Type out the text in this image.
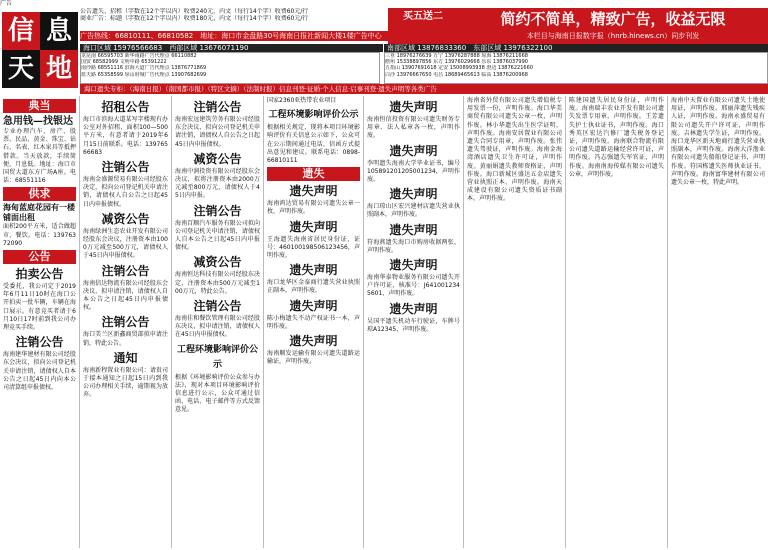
广告
信 息
天 地
公告遗失、招租（字数在12个字以内）收费240元，内文（每行14个字）收费60元/行
商业广告：标题（字数在12个字以内）收费180元，内文（每行14个字）收费60元/行
广告热线：66810111、66810582　地址：海口市金盘路30号海南日报社新闻大楼1楼广告中心
买五送二	简约不简单，精致广告，收益无限
本栏目与海南日报数字报（hnrb.hinews.cn）同步刊发
海口区域 15976566683　西部区域 13676071190	南部区域 13876833360　东部区域 13976322100
龙昆南 66595703 新华南路广告代理点 66110882
国贸 68582999 文明中路 65391222
南沙路 68551116 滨海大道广告代理点 13876771869
蓝天路 65358599 琼山府城广告代理点 13907682699
三亚 18976276639 万宁 13976287888 琼海 13876211668
儋州 15338897856 东方 13976029668 乐东 13876037990
五指山 13907691618 定安 15008993938 澄迈 13876221660
白沙 13976667650 屯昌 18689465613 临高 13876200968
海口遗失专柜：（海南日报）（南国都市报）（特区文摘）（法制时报）信息刊登·征婚·个人信息·启事刊登·遗失声明等各类广告
典当
急用钱—找银达
专业办理汽车、房产、股票、民品、黄金、珠宝、钻石、名表、红木家具等抵押借款。当天放款，手续简便，月息低。地址：海口市国贸大道东方广场A座。电话：68551116
供求
海甸蓝庭花园有一楼铺面出租
面积200平方米，适合做超市、餐饮。电话：13976372090
公告
拍卖公告
受委托，我公司定于2019年6月11日10时在海口公开拍卖一批车辆，车辆在海口展示。有意竞买者请于6月10日17时前到我公司办理竞买手续。
注销公告
海南建华建材有限公司经股东会决议，拟向公司登记机关申请注销，请债权人自本公告之日起45日内向本公司清算组申报债权。
招租公告
海口市滨海大道某写字楼现有办公室对外招租，面积100—500平方米，有意者请于2019年6月15日前联系。电话：13976566683
注销公告
海南金盛源贸易有限公司经股东决定，拟向公司登记机关申请注销，请债权人自公告之日起45日内申报债权。
减资公告
海南绿洲生态农业开发有限公司经股东会决议，注册资本由1000万元减至500万元，请债权人于45日内申报债权。
注销公告
海南信达物流有限公司经股东会决议，拟申请注销，请债权人自本公告之日起45日内申报债权。
注销公告
海口美兰区新鑫商贸部拟申请注销，特此公告。
通知
海南新程置业有限公司：请贵司于接本通知之日起15日内到我公司办理相关手续，逾期视为放弃。
注销公告
海南宏远建筑劳务有限公司经股东会决议，拟向公司登记机关申请注销，请债权人自公告之日起45日内申报债权。
减资公告
海南中润投资有限公司经股东会决议，拟将注册资本由2000万元减至800万元，请债权人于45日内申报。
注销公告
海南百顺汽车服务有限公司拟向公司登记机关申请注销，请债权人自本公告之日起45日内申报债权。
减资公告
海南恒达科技有限公司经股东决定，注册资本由500万元减至100万元，特此公告。
注销公告
海南佳和餐饮管理有限公司经股东决议，拟申请注销，请债权人在45日内申报债权。
工程环境影响评价公示
根据《环境影响评价公众参与办法》，现对本项目环境影响评价信息进行公示，公众可通过信函、电话、电子邮件等方式反馈意见。
国家2360亚热带农业项目
工程环境影响评价公示
根据相关规定，现将本项目环境影响评价有关信息公示如下，公众可在公示期间通过电话、信函方式提出意见和建议。联系电话：0898-66810111
遗失
遗失声明
海南鸿达贸易有限公司遗失公章一枚，声明作废。
遗失声明
王海遗失海南省居民身份证，证号：460100198506123456，声明作废。
遗失声明
海口龙华区金泰商行遗失营业执照正副本，声明作废。
遗失声明
陈小梅遗失不动产权证书一本，声明作废。
遗失声明
海南顺发运输有限公司遗失道路运输证，声明作废。
遗失声明
海南恒信投资有限公司遗失财务专用章、法人私章各一枚，声明作废。
遗失声明
李明遗失海南大学毕业证书，编号105891201205001234，声明作废。
遗失声明
海口琼山区宏兴建材店遗失营业执照副本，声明作废。
遗失声明
符海燕遗失海口市购房收据两张，声明作废。
遗失声明
海南华泰物业服务有限公司遗失开户许可证，核准号：J6410012345601，声明作废。
遗失声明
吴国平遗失机动车行驶证，车牌号琼A12345，声明作废。
海南省外贸有限公司遗失增值税专用发票一份，声明作废。海口华美商贸有限公司遗失公章一枚，声明作废。林小华遗失出生医学证明，声明作废。海南安居置业有限公司遗失合同专用章，声明作废。张伟遗失驾驶证，声明作废。海南金海湾酒店遗失卫生许可证，声明作废。黄丽娟遗失教师资格证，声明作废。海口新城区盛达五金店遗失营业执照正本，声明作废。海南天成建设有限公司遗失资质证书副本，声明作废。
陈建国遗失居民身份证，声明作废。海南瑞丰农业开发有限公司遗失发票专用章，声明作废。王芳遗失护士执业证书，声明作废。海口秀英区宏达汽修厂遗失税务登记证，声明作废。海南联合物流有限公司遗失道路运输经营许可证，声明作废。冯志强遗失军官证，声明作废。海南南海传媒有限公司遗失公章，声明作废。
海南中天置业有限公司遗失土地使用证，声明作废。邢丽萍遗失残疾人证，声明作废。海南永盛贸易有限公司遗失开户许可证，声明作废。吉林遗失学生证，声明作废。海口龙华区新天地商行遗失营业执照副本，声明作废。海南大洋渔业有限公司遗失船舶登记证书，声明作废。符国栋遗失医师执业证书，声明作废。海南富华建材有限公司遗失公章一枚，特此声明。
